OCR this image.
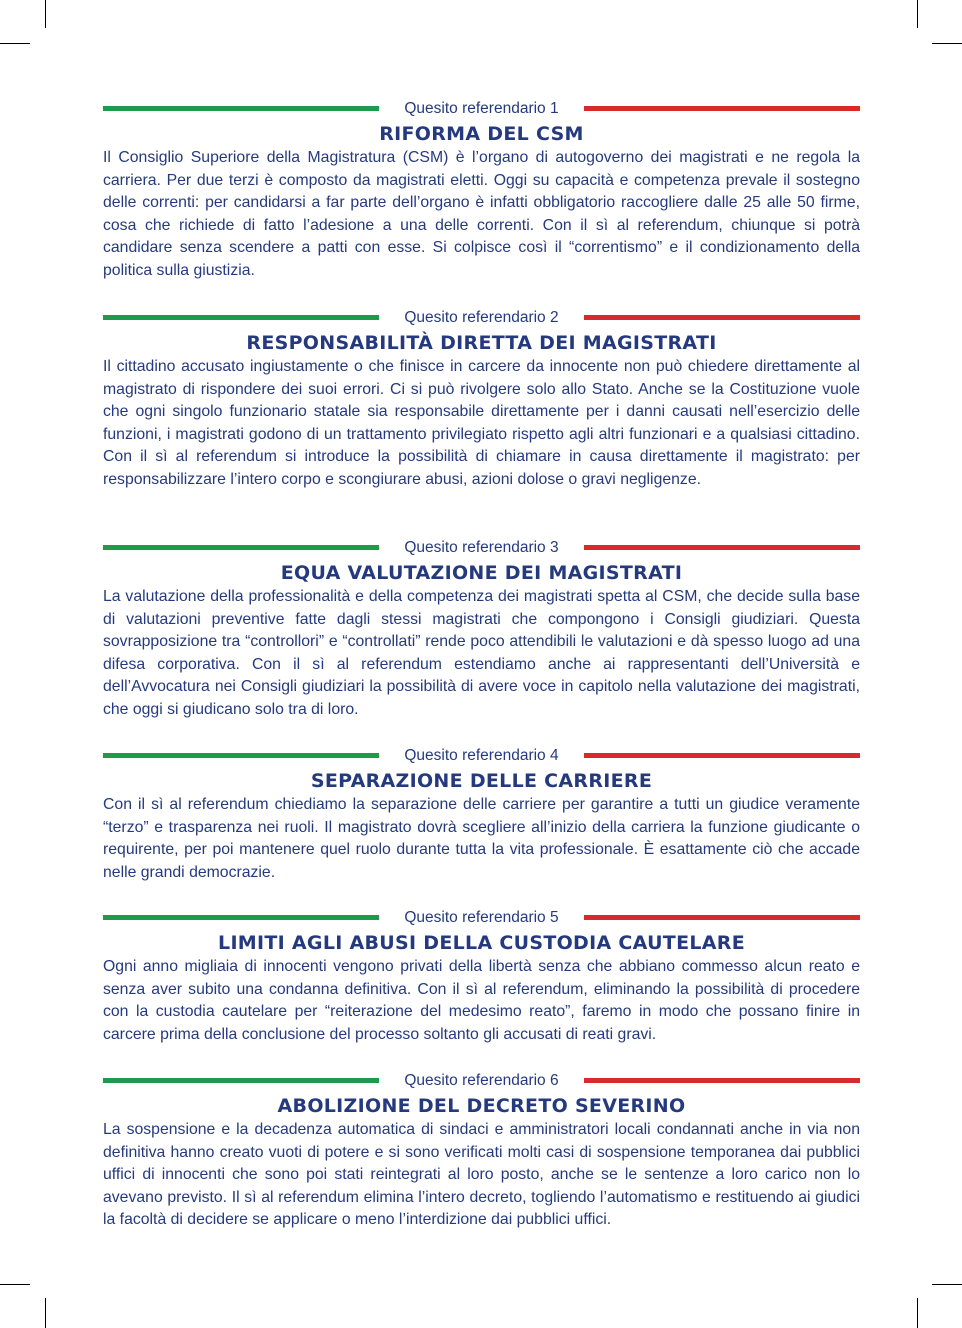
Quesito referendario 1
RIFORMA DEL CSM

Il Consiglio Superiore della Magistratura (CSM) è l’organo di autogoverno dei magistrati e ne regola la carriera. Per due terzi è composto da magistrati eletti. Oggi su capacità e competenza prevale il sostegno delle correnti: per candidarsi a far parte dell’organo è infatti obbligatorio raccogliere dalle 25 alle 50 firme, cosa che richiede di fatto l’adesione a una delle correnti. Con il sì al referendum, chiunque si potrà candidare senza scendere a patti con esse. Si colpisce così il “correntismo” e il condizionamento della politica sulla giustizia.

Quesito referendario 2
RESPONSABILITÀ DIRETTA DEI MAGISTRATI

Il cittadino accusato ingiustamente o che finisce in carcere da innocente non può chiedere direttamente al magistrato di rispondere dei suoi errori. Ci si può rivolgere solo allo Stato. Anche se la Costituzione vuole che ogni singolo funzionario statale sia responsabile direttamente per i danni causati nell’esercizio delle funzioni, i magistrati godono di un trattamento privilegiato rispetto agli altri funzionari e a qualsiasi cittadino. Con il sì al referendum si introduce la possibilità di chiamare in causa direttamente il magistrato: per responsabilizzare l’intero corpo e scongiurare abusi, azioni dolose o gravi negligenze.

Quesito referendario 3
EQUA VALUTAZIONE DEI MAGISTRATI

La valutazione della professionalità e della competenza dei magistrati spetta al CSM, che decide sulla base di valutazioni preventive fatte dagli stessi magistrati che compongono i Consigli giudiziari. Questa sovrapposizione tra “controllori” e “controllati” rende poco attendibili le valutazioni e dà spesso luogo ad una difesa corporativa. Con il sì al referendum estendiamo anche ai rappresentanti dell’Università e dell’Avvocatura nei Consigli giudiziari la possibilità di avere voce in capitolo nella valutazione dei magistrati, che oggi si giudicano solo tra di loro.

Quesito referendario 4
SEPARAZIONE DELLE CARRIERE

Con il sì al referendum chiediamo la separazione delle carriere per garantire a tutti un giudice veramente “terzo” e trasparenza nei ruoli. Il magistrato dovrà scegliere all’inizio della carriera la funzione giudicante o requirente, per poi mantenere quel ruolo durante tutta la vita professionale. È esattamente ciò che accade nelle grandi democrazie.

Quesito referendario 5
LIMITI AGLI ABUSI DELLA CUSTODIA CAUTELARE

Ogni anno migliaia di innocenti vengono privati della libertà senza che abbiano commesso alcun reato e senza aver subito una condanna definitiva. Con il sì al referendum, eliminando la possibilità di procedere con la custodia cautelare per “reiterazione del medesimo reato”, faremo in modo che possano finire in carcere prima della conclusione del processo soltanto gli accusati di reati gravi.

Quesito referendario 6
ABOLIZIONE DEL DECRETO SEVERINO

La sospensione e la decadenza automatica di sindaci e amministratori locali condannati anche in via non definitiva hanno creato vuoti di potere e si sono verificati molti casi di sospensione temporanea dai pubblici uffici di innocenti che sono poi stati reintegrati al loro posto, anche se le sentenze a loro carico non lo avevano previsto. Il sì al referendum elimina l’intero decreto, togliendo l’automatismo e restituendo ai giudici la facoltà di decidere se applicare o meno l’interdizione dai pubblici uffici.
